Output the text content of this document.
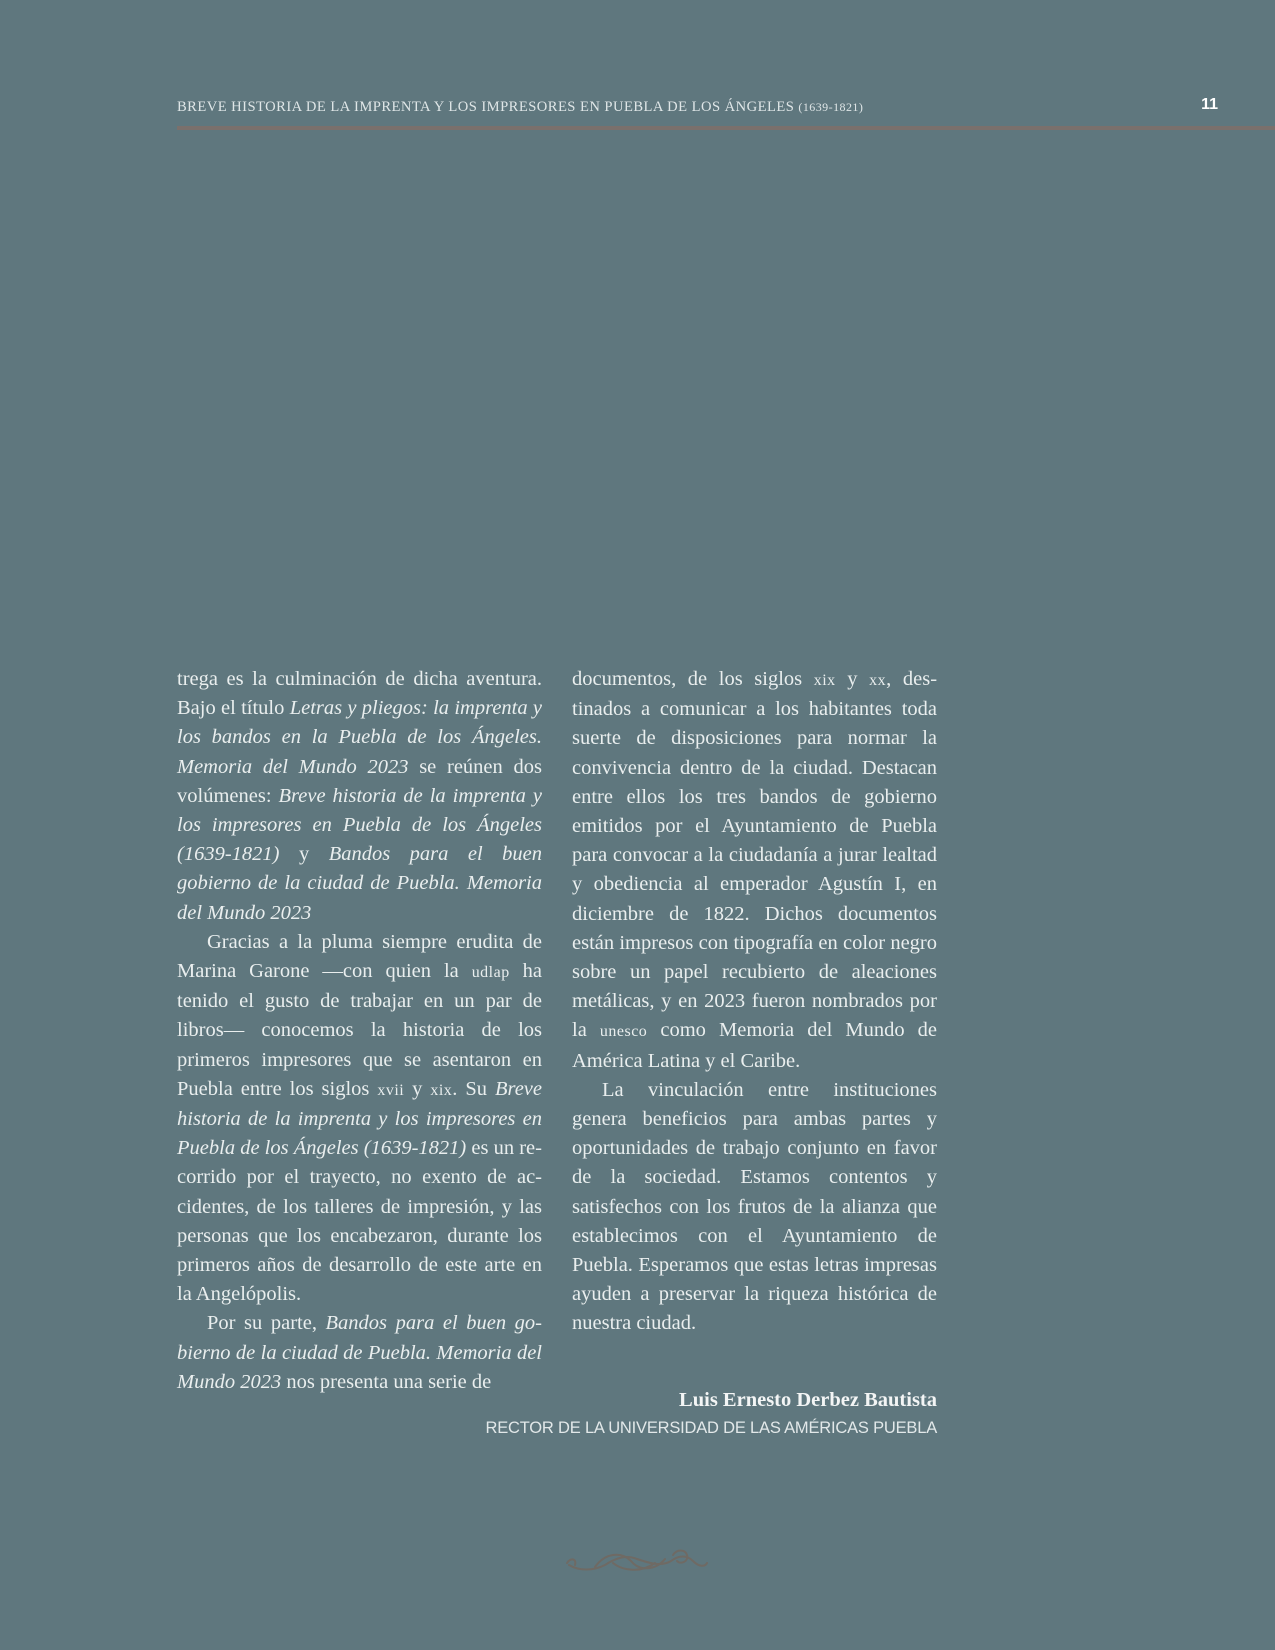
BREVE HISTORIA DE LA IMPRENTA Y LOS IMPRESORES EN PUEBLA DE LOS ÁNGELES (1639-1821)	11

trega es la culminación de dicha aventura. Bajo el título Letras y pliegos: la imprenta y los bandos en la Puebla de los Ángeles. Memoria del Mundo 2023 se reúnen dos volúmenes: Breve historia de la imprenta y los impresores en Puebla de los Ángeles (1639-1821) y Bandos para el buen gobierno de la ciudad de Puebla. Memoria del Mundo 2023

Gracias a la pluma siempre erudita de Marina Garone —con quien la udlap ha tenido el gusto de trabajar en un par de libros— conocemos la historia de los primeros impresores que se asentaron en Puebla entre los siglos xvii y xix. Su Breve historia de la imprenta y los impresores en Puebla de los Ángeles (1639-1821) es un recorrido por el trayecto, no exento de accidentes, de los talleres de impresión, y las personas que los encabezaron, durante los primeros años de desarrollo de este arte en la Angelópolis.

Por su parte, Bandos para el buen gobierno de la ciudad de Puebla. Memoria del Mundo 2023 nos presenta una serie de

documentos, de los siglos xix y xx, destinados a comunicar a los habitantes toda suerte de disposiciones para normar la convivencia dentro de la ciudad. Destacan entre ellos los tres bandos de gobierno emitidos por el Ayuntamiento de Puebla para convocar a la ciudadanía a jurar lealtad y obediencia al emperador Agustín I, en diciembre de 1822. Dichos documentos están impresos con tipografía en color negro sobre un papel recubierto de aleaciones metálicas, y en 2023 fueron nombrados por la unesco como Memoria del Mundo de América Latina y el Caribe.

La vinculación entre instituciones genera beneficios para ambas partes y oportunidades de trabajo conjunto en favor de la sociedad. Estamos contentos y satisfechos con los frutos de la alianza que establecimos con el Ayuntamiento de Puebla. Esperamos que estas letras impresas ayuden a preservar la riqueza histórica de nuestra ciudad.

Luis Ernesto Derbez Bautista
RECTOR DE LA UNIVERSIDAD DE LAS AMÉRICAS PUEBLA
